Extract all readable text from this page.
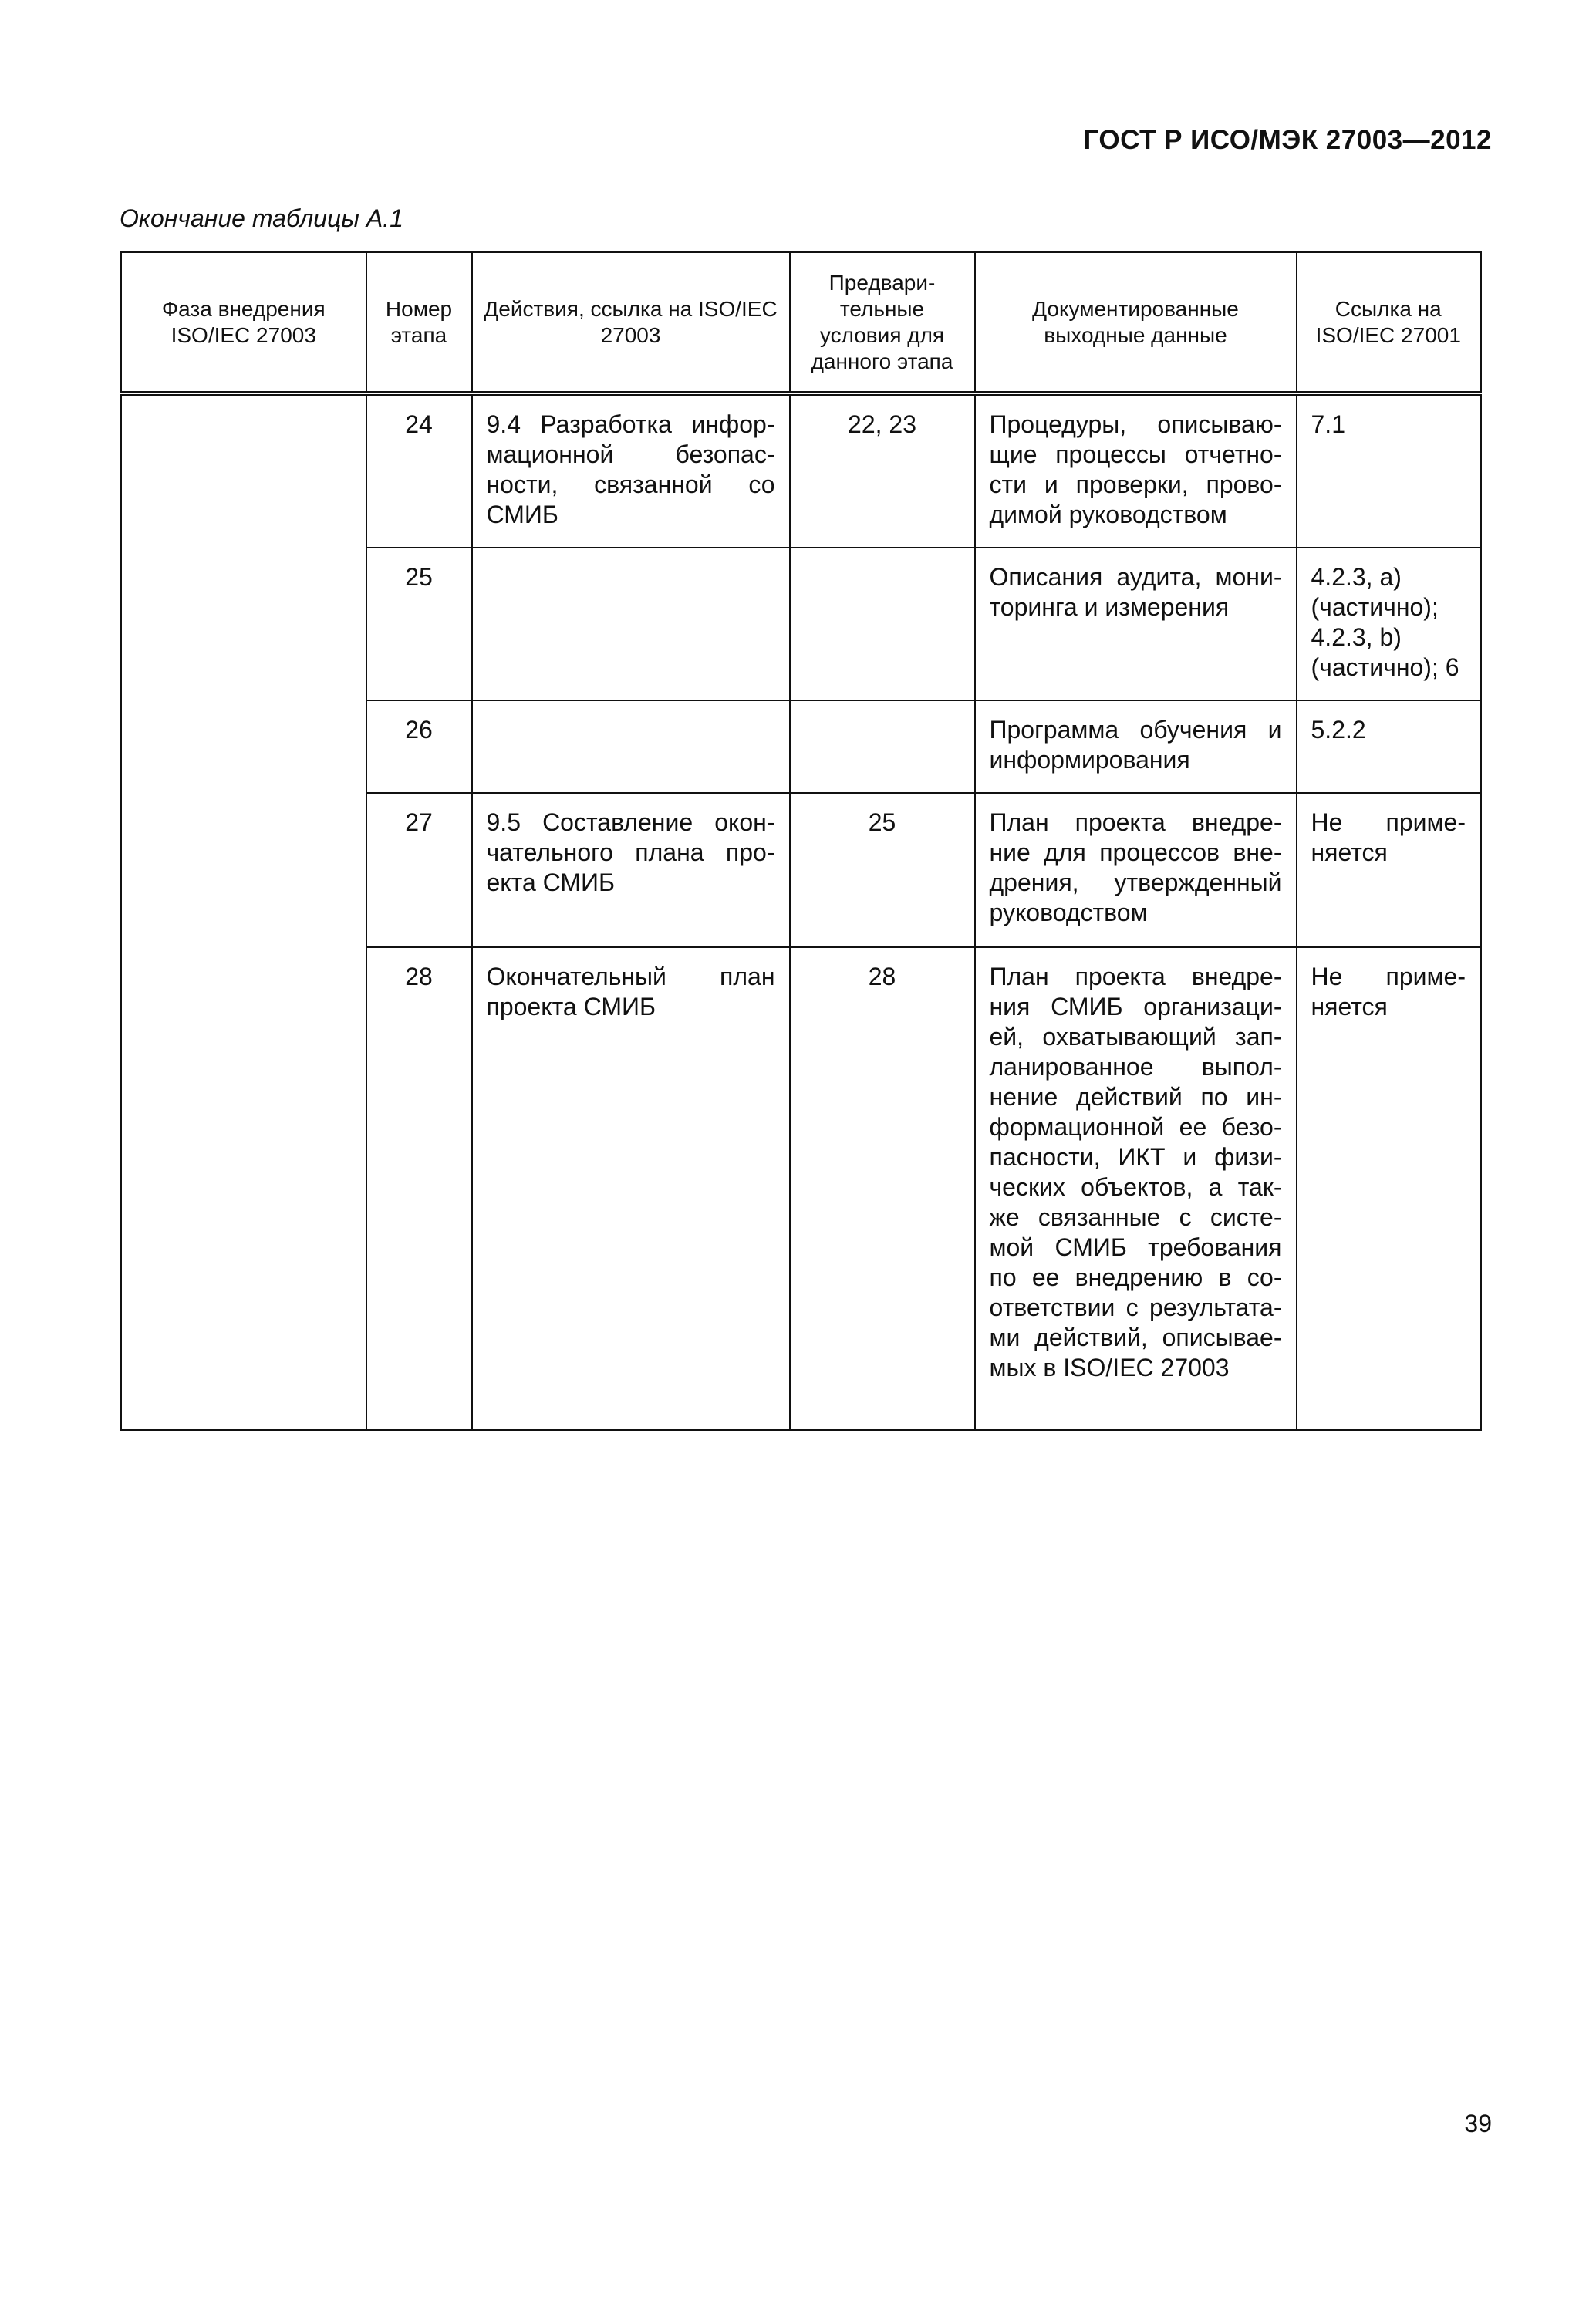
ГОСТ Р ИСО/МЭК 27003—2012
Окончание таблицы А.1
Фаза внедрения ISO/IEC 27003	Номер этапа	Действия, ссылка на ISO/IEC 27003	Предвари-тельные условия для данного этапа	Документированные выходные данные	Ссылка на ISO/IEC 27001
	24	9.4 Разработка инфор-мационной безопас-ности, связанной со СМИБ	22, 23	Процедуры, описываю-щие процессы отчетно-сти и проверки, прово-димой руководством	7.1
	25			Описания аудита, мони-торинга и измерения	4.2.3, а) (частично); 4.2.3, b) (частично); 6
	26			Программа обучения и информирования	5.2.2
	27	9.5 Составление окон-чательного плана про-екта СМИБ	25	План проекта внедре-ние для процессов вне-дрения, утвержденный руководством	Не приме-няется
	28	Окончательный план проекта СМИБ	28	План проекта внедре-ния СМИБ организаци-ей, охватывающий зап-ланированное выпол-нение действий по ин-формационной ее безо-пасности, ИКТ и физи-ческих объектов, а так-же связанные с систе-мой СМИБ требования по ее внедрению в со-ответствии с результата-ми действий, описывае-мых в ISO/IEC 27003	Не приме-няется
39
